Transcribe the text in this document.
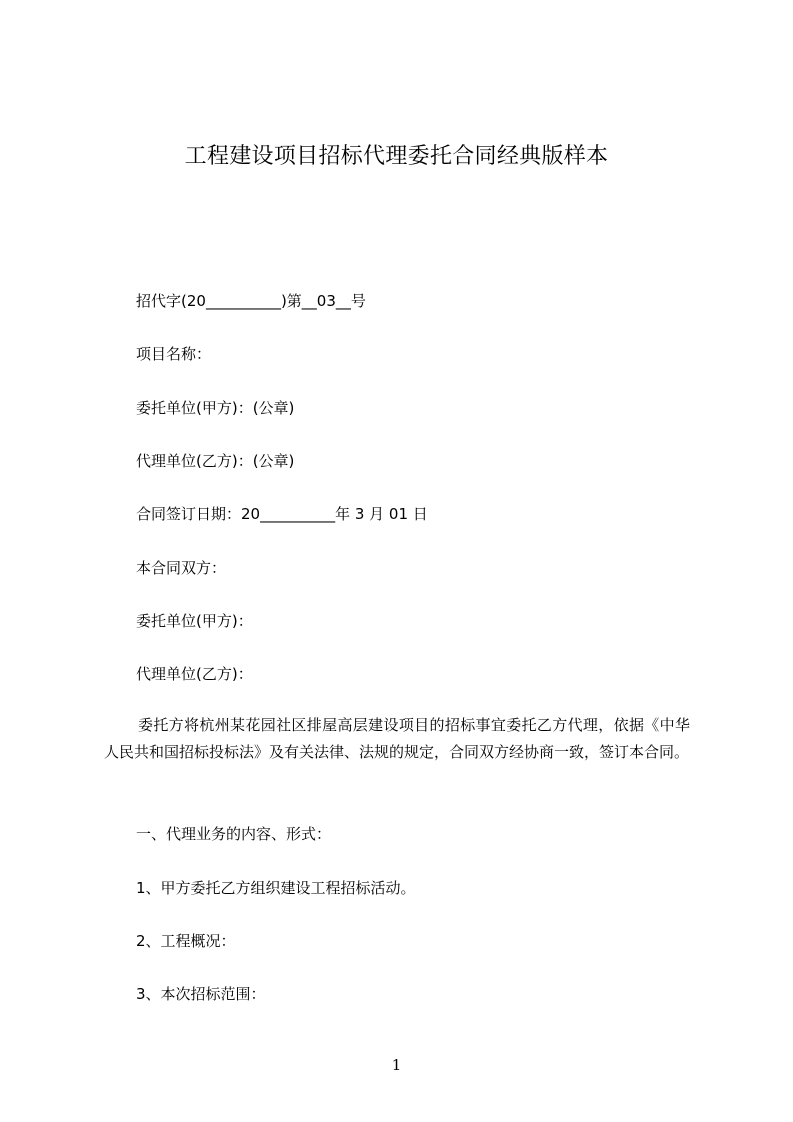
工程建设项目招标代理委托合同经典版样本
招代字(20__________)第__03__号
项目名称：
委托单位(甲方)：(公章)
代理单位(乙方)：(公章)
合同签订日期：20__________年 3 月 01 日
本合同双方：
委托单位(甲方)：
代理单位(乙方)：
委托方将杭州某花园社区排屋高层建设项目的招标事宜委托乙方代理，依据《中华人民共和国招标投标法》及有关法律、法规的规定，合同双方经协商一致，签订本合同。
一、代理业务的内容、形式：
1、甲方委托乙方组织建设工程招标活动。
2、工程概况：
3、本次招标范围：
1
